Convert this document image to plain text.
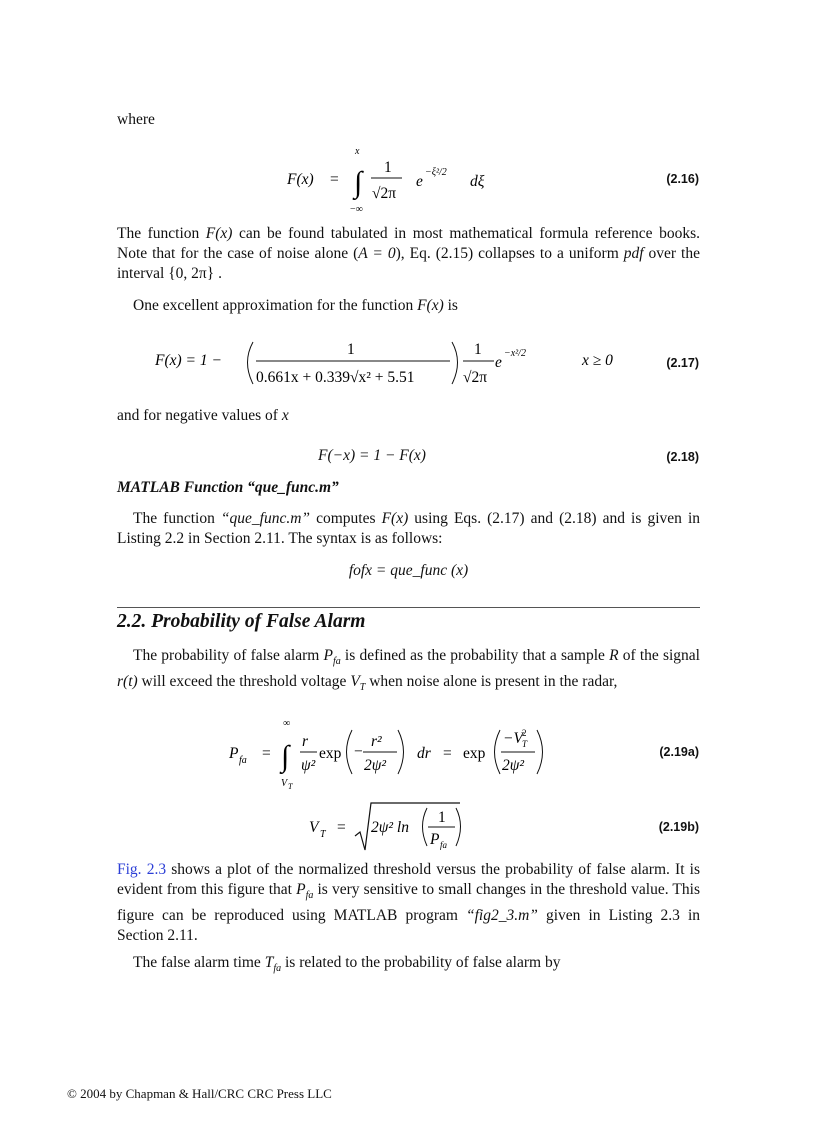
where

F(x) =
x
∫
−∞
1
√2π
e
−ξ²/2
dξ	(2.16)

The function F(x) can be found tabulated in most mathematical formula reference books. Note that for the case of noise alone (A = 0), Eq. (2.15) collapses to a uniform pdf over the interval {0, 2π} .

One excellent approximation for the function F(x) is

F(x) = 1 −
1
0.661x + 0.339√x² + 5.51
1
√2π
e
−x²/2	x ≥ 0	(2.17)

and for negative values of x

F(−x) = 1 − F(x)	(2.18)

MATLAB Function “que_func.m”

The function “que_func.m” computes F(x) using Eqs. (2.17) and (2.18) and is given in Listing 2.2 in Section 2.11. The syntax is as follows:

fofx = que_func (x)
2.2. Probability of False Alarm

The probability of false alarm $P_{fa}$ is defined as the probability that a sample R of the signal r(t) will exceed the threshold voltage $V_T$ when noise alone is present in the radar,

P fa =
∞
∫
V T
r
ψ²
exp −
r²
2ψ²
dr = exp
−V T
2
2ψ²
(2.19a)
V T = 2ψ² ln
1
P fa
(2.19b)

Fig. 2.3 shows a plot of the normalized threshold versus the probability of false alarm. It is evident from this figure that $P_{fa}$ is very sensitive to small changes in the threshold value. This figure can be reproduced using MATLAB program “fig2_3.m” given in Listing 2.3 in Section 2.11.

The false alarm time $T_{fa}$ is related to the probability of false alarm by

© 2004 by Chapman & Hall/CRC CRC Press LLC
